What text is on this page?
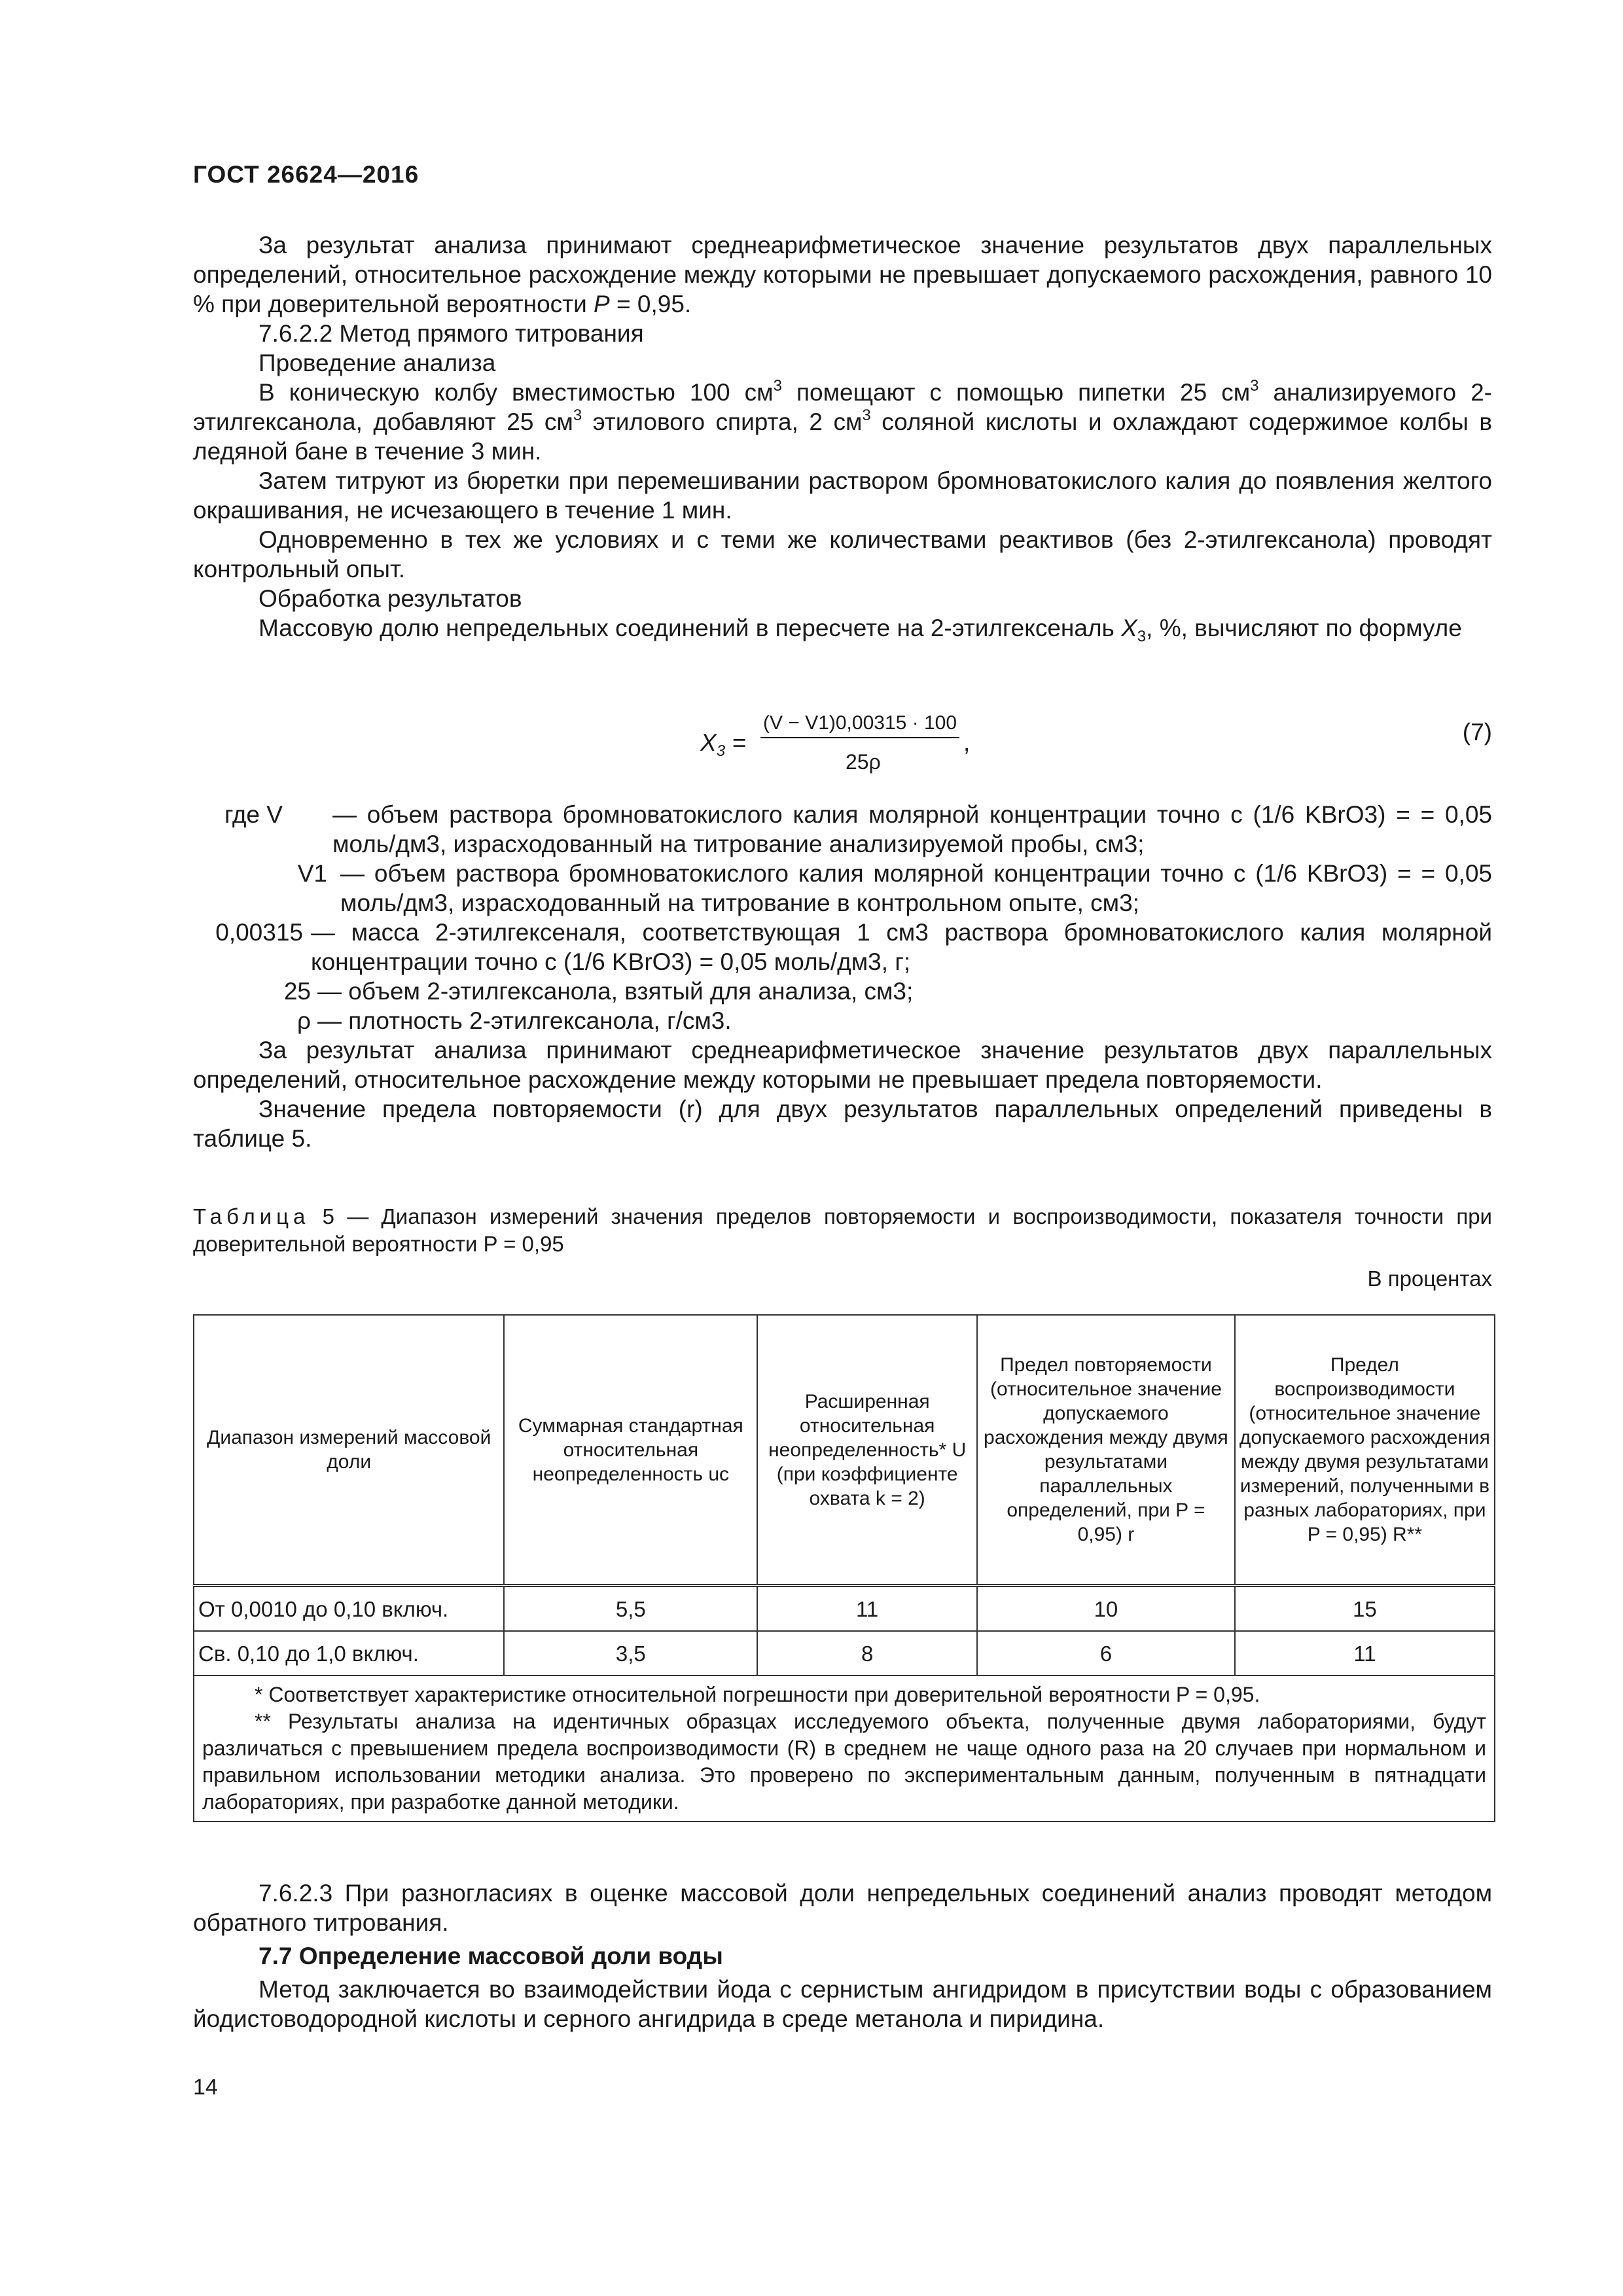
ГОСТ 26624—2016

За результат анализа принимают среднеарифметическое значение результатов двух параллельных определений, относительное расхождение между которыми не превышает допускаемого расхождения, равного 10 % при доверительной вероятности P = 0,95.

7.6.2.2 Метод прямого титрования

Проведение анализа

В коническую колбу вместимостью 100 $см^3$ помещают с помощью пипетки 25 $см^3$ анализируемого 2-этилгексанола, добавляют 25 $см^3$ этилового спирта, 2 $см^3$ соляной кислоты и охлаждают содержимое колбы в ледяной бане в течение 3 мин.

Затем титруют из бюретки при перемешивании раствором бромноватокислого калия до появления желтого окрашивания, не исчезающего в течение 1 мин.

Одновременно в тех же условиях и с теми же количествами реактивов (без 2-этилгексанола) проводят контрольный опыт.

Обработка результатов

Массовую долю непредельных соединений в пересчете на 2-этилгексеналь $X_3$, %, вычисляют по формуле

$X_3$ =
(V − V1)0,00315 · 100
25ρ
,	(7)

где V	— объем раствора бромноватокислого калия молярной концентрации точно c (1/6 KBrO3) = = 0,05 моль/дм3, израсходованный на титрование анализируемой пробы, см3;

V1 — объем раствора бромноватокислого калия молярной концентрации точно c (1/6 KBrO3) = = 0,05 моль/дм3, израсходованный на титрование в контрольном опыте, см3;

0,00315 — масса 2-этилгексеналя, соответствующая 1 см3 раствора бромноватокислого калия молярной концентрации точно c (1/6 KBrO3) = 0,05 моль/дм3, г;

25 — объем 2-этилгексанола, взятый для анализа, см3;

ρ — плотность 2-этилгексанола, г/см3.

За результат анализа принимают среднеарифметическое значение результатов двух параллельных определений, относительное расхождение между которыми не превышает предела повторяемости.

Значение предела повторяемости (r) для двух результатов параллельных определений приведены в таблице 5.

Таблица 5 — Диапазон измерений значения пределов повторяемости и воспроизводимости, показателя точности при доверительной вероятности P = 0,95
В процентах
Диапазон измерений массовой доли	Суммарная стандартная относительная неопределенность uc	Расширенная относительная неопределенность* U (при коэффициенте охвата k = 2)	Предел повторяемости (относительное значение допускаемого расхождения между двумя результатами параллельных определений, при P = 0,95) r	Предел воспроизводимости (относительное значение допускаемого расхождения между двумя результатами измерений, полученными в разных лабораториях, при P = 0,95) R**
От 0,0010 до 0,10 включ.	5,5	11	10	15
Св. 0,10 до 1,0 включ.	3,5	8	6	11

* Соответствует характеристике относительной погрешности при доверительной вероятности P = 0,95.
** Результаты анализа на идентичных образцах исследуемого объекта, полученные двумя лабораториями, будут различаться с превышением предела воспроизводимости (R) в среднем не чаще одного раза на 20 случаев при нормальном и правильном использовании методики анализа. Это проверено по экспериментальным данным, полученным в пятнадцати лабораториях, при разработке данной методики.				

7.6.2.3 При разногласиях в оценке массовой доли непредельных соединений анализ проводят методом обратного титрования.

7.7 Определение массовой доли воды

Метод заключается во взаимодействии йода с сернистым ангидридом в присутствии воды с образованием йодистоводородной кислоты и серного ангидрида в среде метанола и пиридина.

14
